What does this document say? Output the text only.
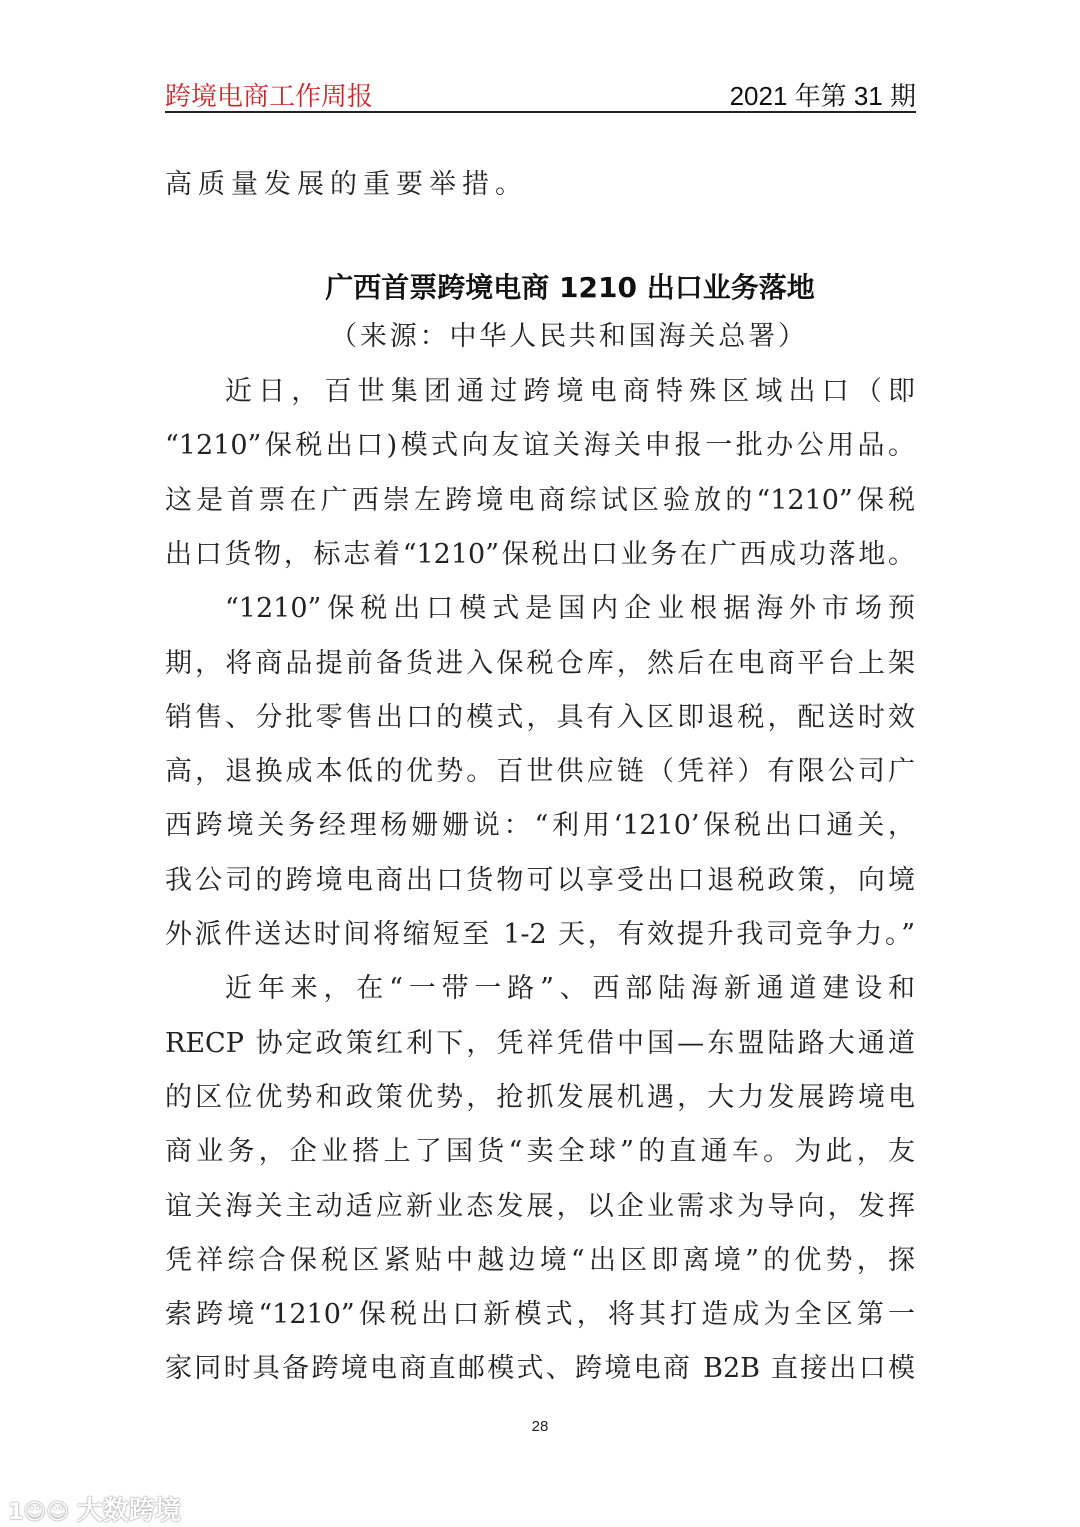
跨境电商工作周报	2021 年第 31 期
高质量发展的重要举措。
广西首票跨境电商 1210 出口业务落地
（来源：中华人民共和国海关总署）
近日，百世集团通过跨境电商特殊区域出口（即
“1210”保税出口)模式向友谊关海关申报一批办公用品。
这是首票在广西崇左跨境电商综试区验放的“1210”保税
出口货物，标志着“1210”保税出口业务在广西成功落地。
“1210”保税出口模式是国内企业根据海外市场预
期，将商品提前备货进入保税仓库，然后在电商平台上架
销售、分批零售出口的模式，具有入区即退税，配送时效
高，退换成本低的优势。百世供应链（凭祥）有限公司广
西跨境关务经理杨姗姗说：“利用‘1210’保税出口通关，
我公司的跨境电商出口货物可以享受出口退税政策，向境
外派件送达时间将缩短至 1-2 天，有效提升我司竞争力。”
近年来，在“一带一路”、西部陆海新通道建设和
RECP 协定政策红利下，凭祥凭借中国—东盟陆路大通道
的区位优势和政策优势，抢抓发展机遇，大力发展跨境电
商业务，企业搭上了国货“卖全球”的直通车。为此，友
谊关海关主动适应新业态发展，以企业需求为导向，发挥
凭祥综合保税区紧贴中越边境“出区即离境”的优势，探
索跨境“1210”保税出口新模式，将其打造成为全区第一
家同时具备跨境电商直邮模式、跨境电商 B2B 直接出口模
28
1☺☺ 大数跨境
